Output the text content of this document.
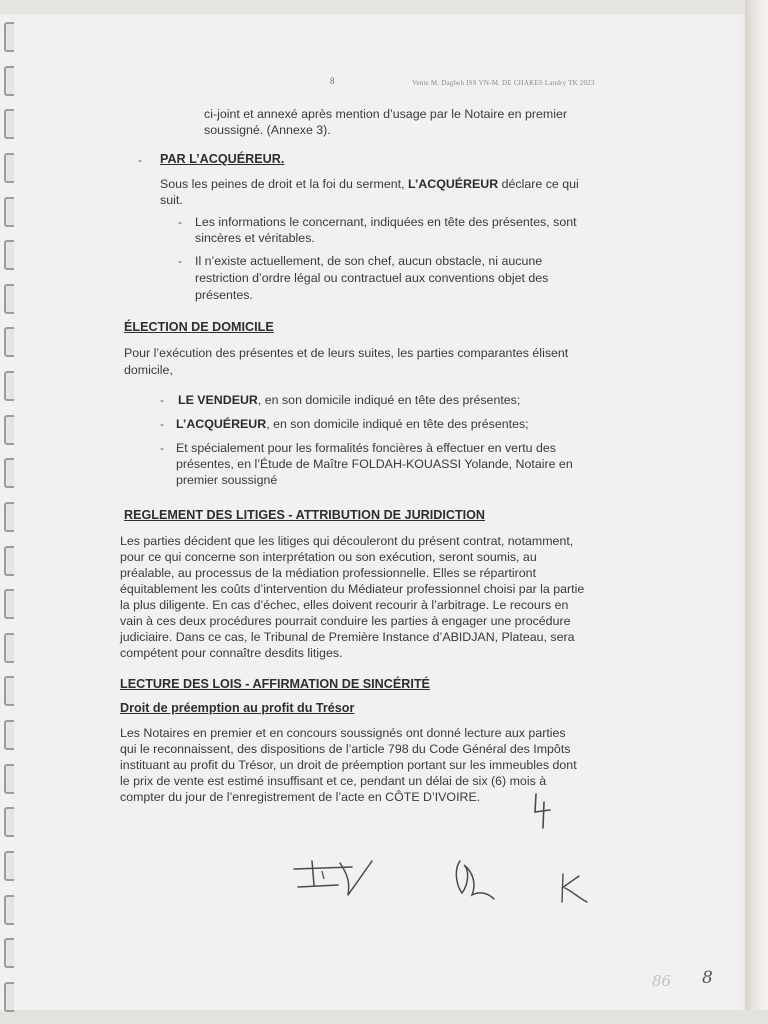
8	Vente M. Dagbeh ISS VN-M. DE CHAKES Landry TK 2023

ci-joint et annexé après mention d’usage par le Notaire en premier

soussigné. (Annexe 3).

- PAR L’ACQUÉREUR.

Sous les peines de droit et la foi du serment, L’ACQUÉREUR déclare ce qui

suit.

- Les informations le concernant, indiquées en tête des présentes, sont

sincères et véritables.

- Il n’existe actuellement, de son chef, aucun obstacle, ni aucune

restriction d’ordre légal ou contractuel aux conventions objet des

présentes.

ÉLECTION DE DOMICILE

Pour l’exécution des présentes et de leurs suites, les parties comparantes élisent

domicile,

- LE VENDEUR, en son domicile indiqué en tête des présentes;

- L’ACQUÉREUR, en son domicile indiqué en tête des présentes;

- Et spécialement pour les formalités foncières à effectuer en vertu des

présentes, en l’Étude de Maître FOLDAH-KOUASSI Yolande, Notaire en

premier soussigné

REGLEMENT DES LITIGES - ATTRIBUTION DE JURIDICTION

Les parties décident que les litiges qui découleront du présent contrat, notamment,

pour ce qui concerne son interprétation ou son exécution, seront soumis, au

préalable, au processus de la médiation professionnelle. Elles se répartiront

équitablement les coûts d’intervention du Médiateur professionnel choisi par la partie

la plus diligente. En cas d’échec, elles doivent recourir à l’arbitrage. Le recours en

vain à ces deux procédures pourrait conduire les parties à engager une procédure

judiciaire. Dans ce cas, le Tribunal de Première Instance d’ABIDJAN, Plateau, sera

compétent pour connaître desdits litiges.

LECTURE DES LOIS - AFFIRMATION DE SINCÉRITÉ

Droit de préemption au profit du Trésor

Les Notaires en premier et en concours soussignés ont donné lecture aux parties

qui le reconnaissent, des dispositions de l’article 798 du Code Général des Impôts

instituant au profit du Trésor, un droit de préemption portant sur les immeubles dont

le prix de vente est estimé insuffisant et ce, pendant un délai de six (6) mois à

compter du jour de l’enregistrement de l’acte en CÔTE D’IVOIRE.

86 8
